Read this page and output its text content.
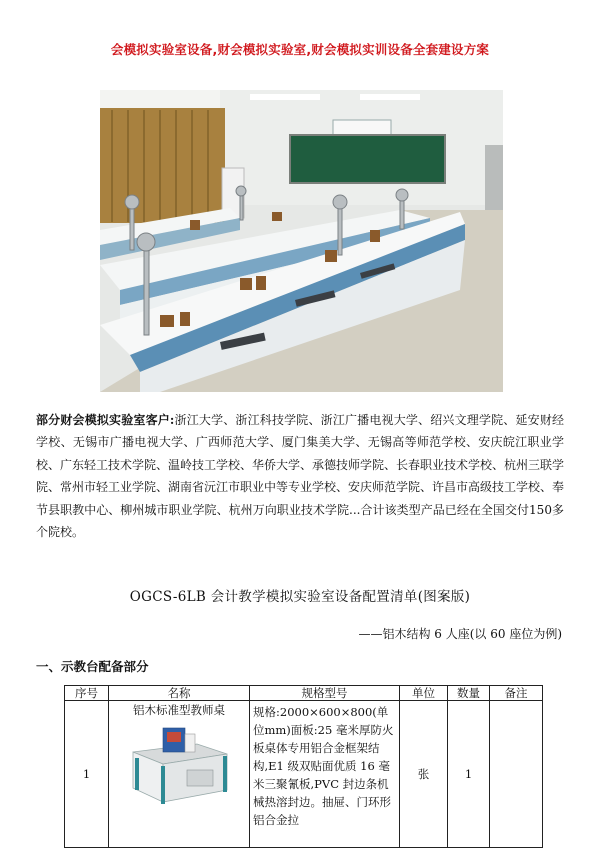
会模拟实验室设备,财会模拟实验室,财会模拟实训设备全套建设方案
部分财会模拟实验室客户:浙江大学、浙江科技学院、浙江广播电视大学、绍兴文理学院、延安财经学校、无锡市广播电视大学、广西师范大学、厦门集美大学、无锡高等师范学校、安庆皖江职业学校、广东轻工技术学院、温岭技工学校、华侨大学、承德技师学院、长春职业技术学校、杭州三联学院、常州市轻工业学院、湖南省沅江市职业中等专业学校、安庆师范学院、许昌市高级技工学校、奉节县职教中心、柳州城市职业学院、杭州万向职业技术学院...合计该类型产品已经在全国交付150多个院校。
OGCS-6LB 会计教学模拟实验室设备配置清单(图案版)
——铝木结构 6 人座(以 60 座位为例)
一、示教台配备部分
序号	名称	规格型号	单位	数量	备注
1	铝木标准型教师桌	规格:2000×600×800(单位mm)面板:25 毫米厚防火板桌体专用铝合金框架结构,E1 级双贴面优质 16 毫米三聚氰板,PVC 封边条机械热溶封边。抽屉、门环形铝合金拉	张	1	
